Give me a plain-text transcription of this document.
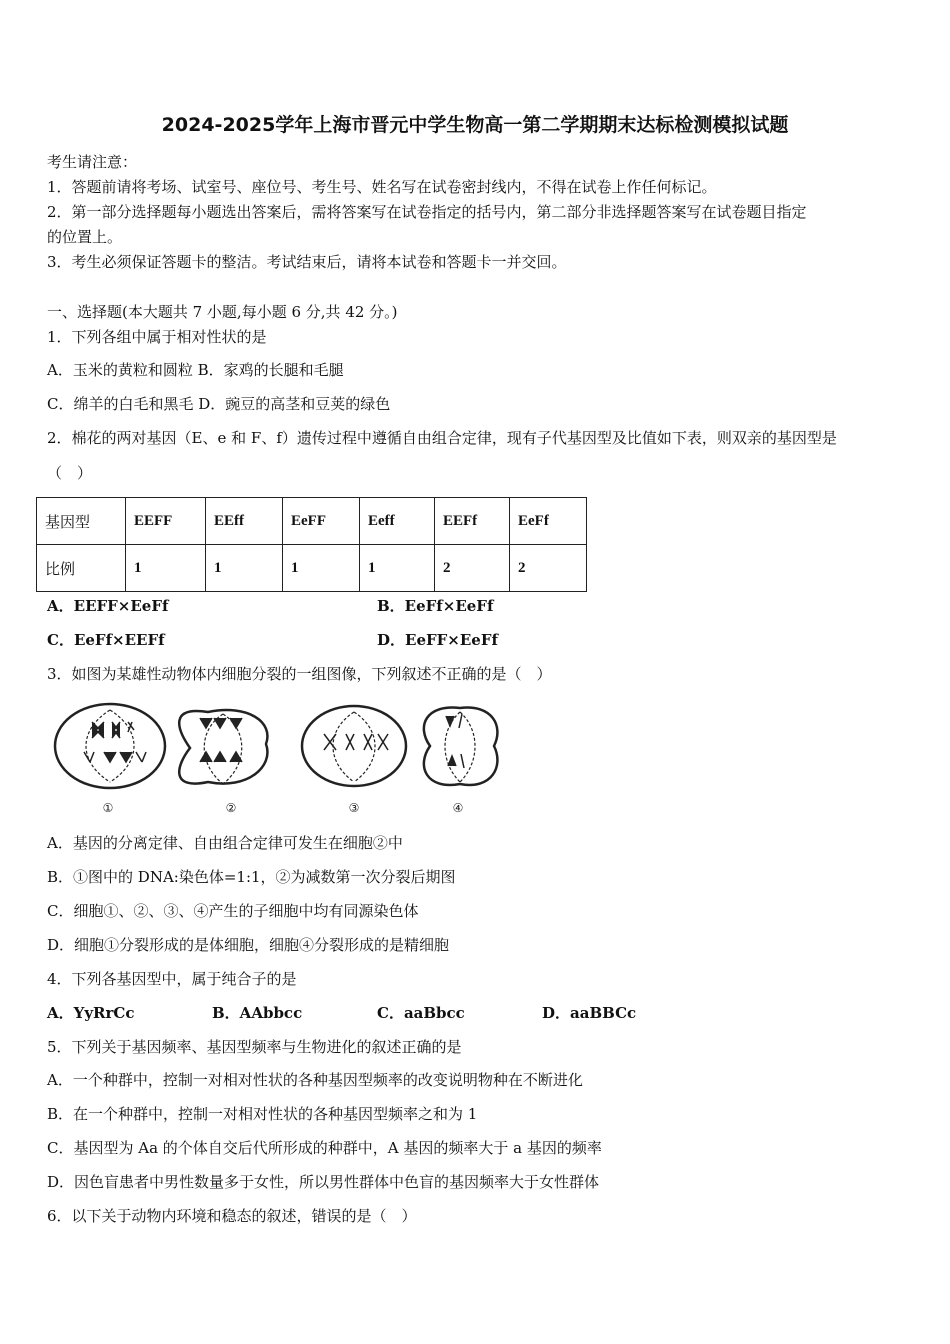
2024-2025学年上海市晋元中学生物高一第二学期期末达标检测模拟试题
考生请注意：
1．答题前请将考场、试室号、座位号、考生号、姓名写在试卷密封线内，不得在试卷上作任何标记。
2．第一部分选择题每小题选出答案后，需将答案写在试卷指定的括号内，第二部分非选择题答案写在试卷题目指定
的位置上。
3．考生必须保证答题卡的整洁。考试结束后，请将本试卷和答题卡一并交回。
一、选择题(本大题共 7 小题,每小题 6 分,共 42 分。)
1．下列各组中属于相对性状的是
A．玉米的黄粒和圆粒 B．家鸡的长腿和毛腿
C．绵羊的白毛和黑毛 D．豌豆的高茎和豆荚的绿色
2．棉花的两对基因（E、e 和 F、f）遗传过程中遵循自由组合定律，现有子代基因型及比值如下表，则双亲的基因型是
（　）
基因型	EEFF	EEff	EeFF	Eeff	EEFf	EeFf
比例	1	1	1	1	2	2
A．EEFF×EeFf	B．EeFf×EeFf
C．EeFf×EEFf	D．EeFF×EeFf
3．如图为某雄性动物体内细胞分裂的一组图像，下列叙述不正确的是（　）
①	②	③	④
A．基因的分离定律、自由组合定律可发生在细胞②中
B．①图中的 DNA:染色体=1:1，②为减数第一次分裂后期图
C．细胞①、②、③、④产生的子细胞中均有同源染色体
D．细胞①分裂形成的是体细胞，细胞④分裂形成的是精细胞
4．下列各基因型中，属于纯合子的是
A．YyRrCc	B．AAbbcc	C．aaBbcc	D．aaBBCc
5．下列关于基因频率、基因型频率与生物进化的叙述正确的是
A．一个种群中，控制一对相对性状的各种基因型频率的改变说明物种在不断进化
B．在一个种群中，控制一对相对性状的各种基因型频率之和为 1
C．基因型为 Aa 的个体自交后代所形成的种群中，A 基因的频率大于 a 基因的频率
D．因色盲患者中男性数量多于女性，所以男性群体中色盲的基因频率大于女性群体
6．以下关于动物内环境和稳态的叙述，错误的是（　）
